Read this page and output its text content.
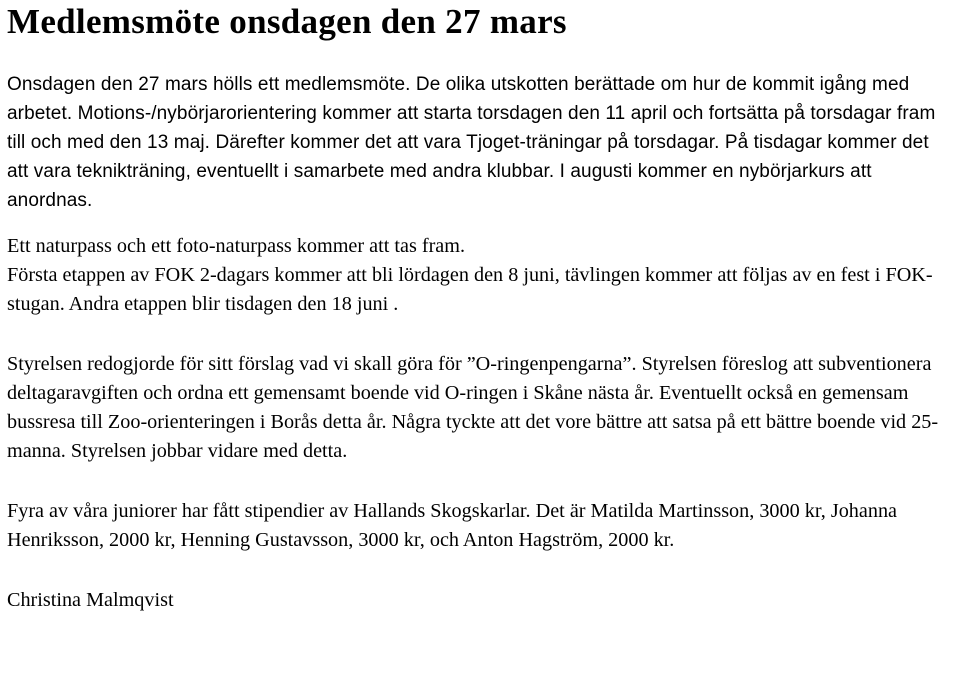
Medlemsmöte onsdagen den 27 mars

Onsdagen den 27 mars hölls ett medlemsmöte. De olika utskotten berättade om hur de kommit igång med arbetet. Motions-/nybörjarorientering kommer att starta torsdagen den 11 april och fortsätta på torsdagar fram till och med den 13 maj. Därefter kommer det att vara Tjoget-träningar på torsdagar. På tisdagar kommer det att vara teknikträning, eventuellt i samarbete med andra klubbar. I augusti kommer en nybörjarkurs att anordnas.

Ett naturpass och ett foto-naturpass kommer att tas fram.

Första etappen av FOK 2-dagars kommer att bli lördagen den 8 juni, tävlingen kommer att följas av en fest i FOK-stugan. Andra etappen blir tisdagen den 18 juni .

Styrelsen redogjorde för sitt förslag vad vi skall göra för ”O-ringenpengarna”. Styrelsen föreslog att subventionera deltagaravgiften och ordna ett gemensamt boende vid O-ringen i Skåne nästa år. Eventuellt också en gemensam bussresa till Zoo-orienteringen i Borås detta år. Några tyckte att det vore bättre att satsa på ett bättre boende vid 25-manna. Styrelsen jobbar vidare med detta.

Fyra av våra juniorer har fått stipendier av Hallands Skogskarlar. Det är Matilda Martinsson, 3000 kr, Johanna Henriksson, 2000 kr, Henning Gustavsson, 3000 kr, och Anton Hagström, 2000 kr.

Christina Malmqvist
